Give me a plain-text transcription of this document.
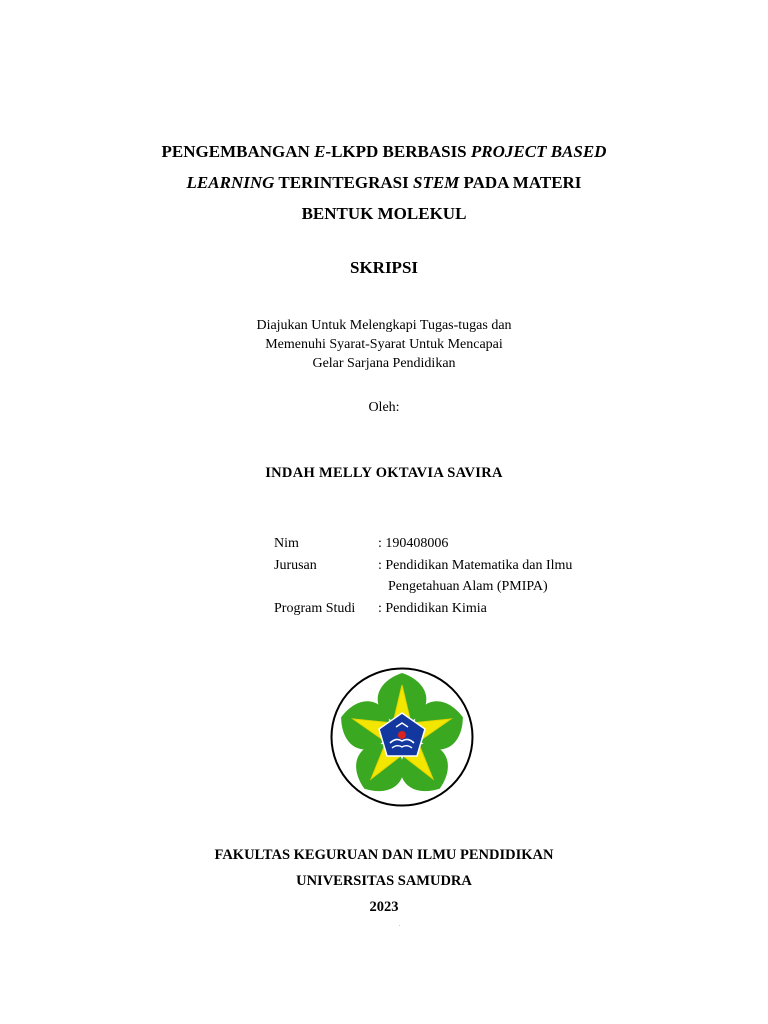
PENGEMBANGAN E-LKPD BERBASIS PROJECT BASED
LEARNING TERINTEGRASI STEM PADA MATERI
BENTUK MOLEKUL
SKRIPSI
Diajukan Untuk Melengkapi Tugas-tugas dan
Memenuhi Syarat-Syarat Untuk Mencapai
Gelar Sarjana Pendidikan
Oleh:
INDAH MELLY OKTAVIA SAVIRA
Nim	: 190408006
Jurusan	: Pendidikan Matematika dan Ilmu
Pengetahuan Alam (PMIPA)
Program Studi	: Pendidikan Kimia
FAKULTAS KEGURUAN DAN ILMU PENDIDIKAN
UNIVERSITAS SAMUDRA
2023
.
